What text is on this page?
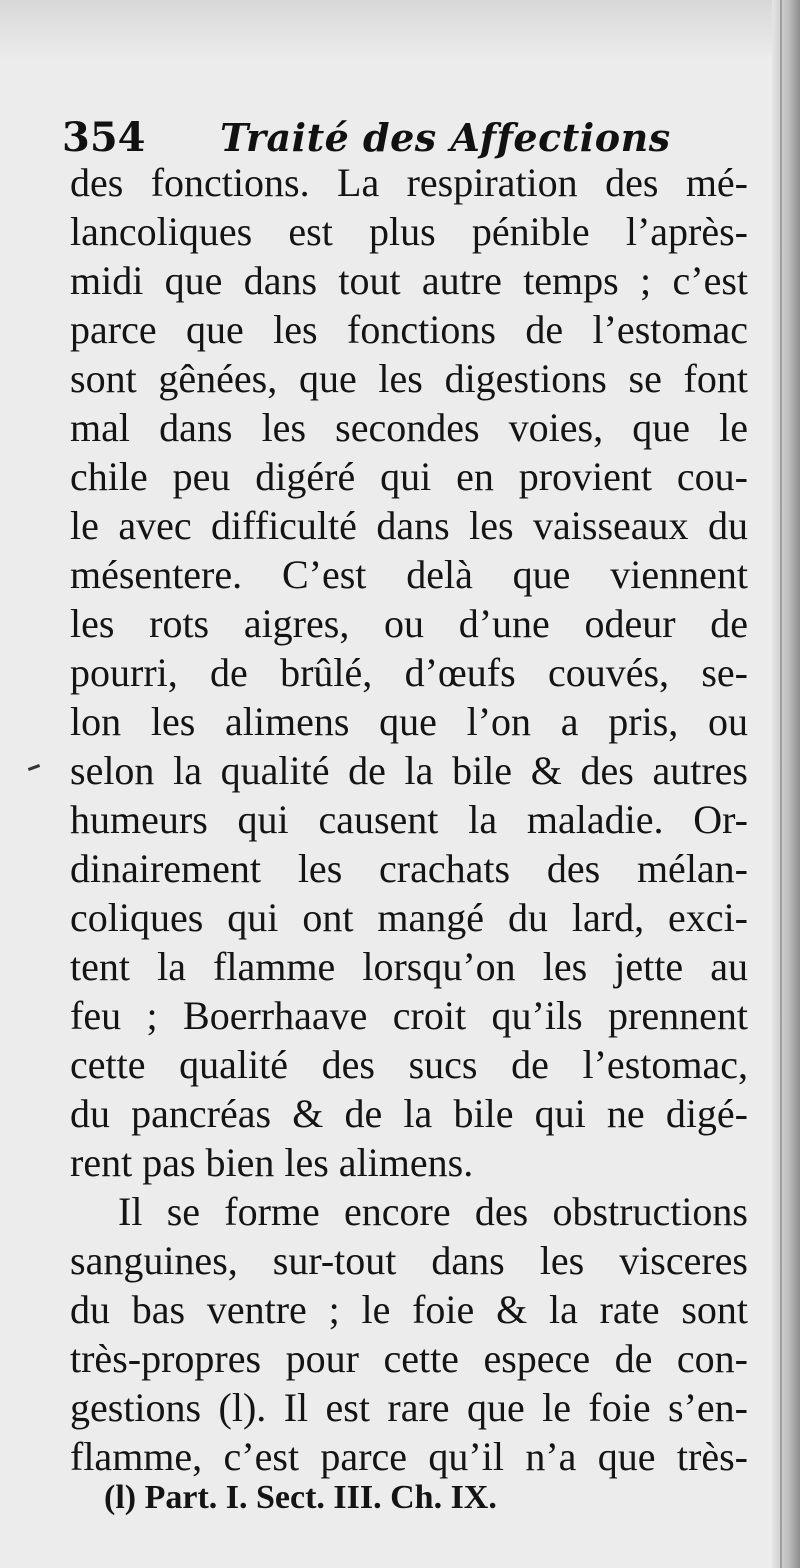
354 Traité des Affections
des fonctions. La respiration des mé-
lancoliques est plus pénible l’après-
midi que dans tout autre temps ; c’est
parce que les fonctions de l’estomac
sont gênées, que les digestions se font
mal dans les secondes voies, que le
chile peu digéré qui en provient cou-
le avec difficulté dans les vaisseaux du
mésentere. C’est delà que viennent
les rots aigres, ou d’une odeur de
pourri, de brûlé, d’œufs couvés, se-
lon les alimens que l’on a pris, ou
selon la qualité de la bile & des autres
humeurs qui causent la maladie. Or-
dinairement les crachats des mélan-
coliques qui ont mangé du lard, exci-
tent la flamme lorsqu’on les jette au
feu ; Boerrhaave croit qu’ils prennent
cette qualité des sucs de l’estomac,
du pancréas & de la bile qui ne digé-
rent pas bien les alimens.
Il se forme encore des obstructions
sanguines, sur-tout dans les visceres
du bas ventre ; le foie & la rate sont
très-propres pour cette espece de con-
gestions (l). Il est rare que le foie s’en-
flamme, c’est parce qu’il n’a que très-
(l) Part. I. Sect. III. Ch. IX.
